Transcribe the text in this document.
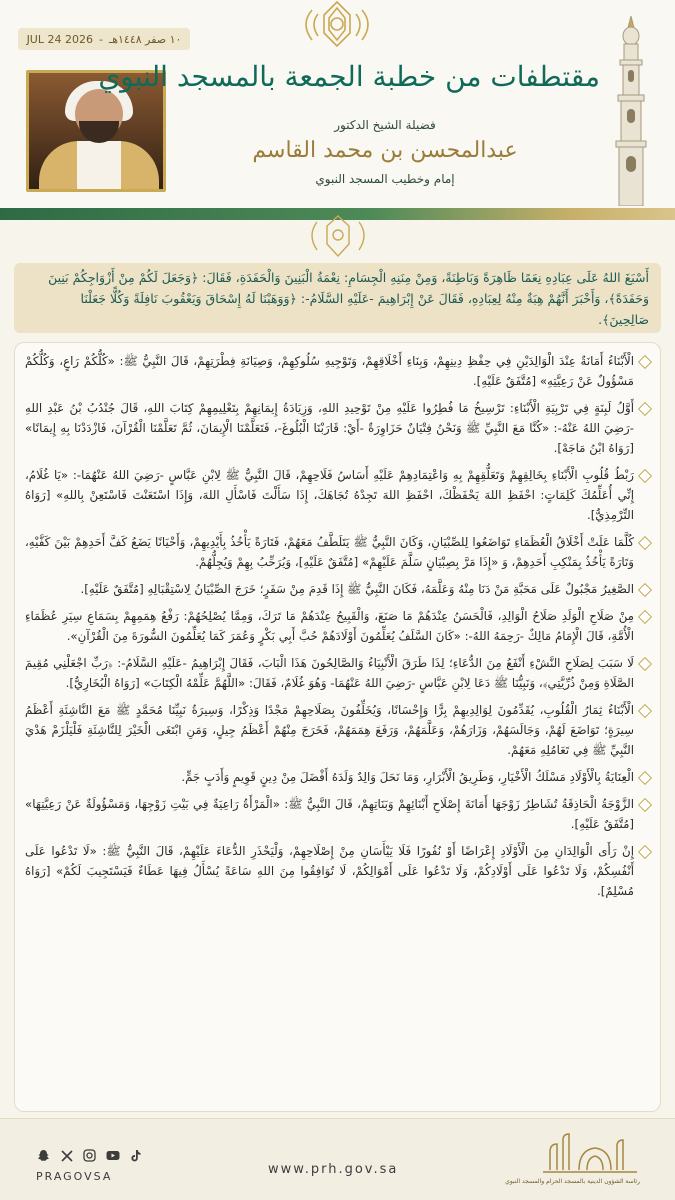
١٠ صفر ١٤٤٨هـ
-
2026 JUL 24
مقتطفات من خطبة الجمعة بالمسجد النبوي
فضيلة الشيخ الدكتور
عبدالمحسن بن محمد القاسم
إمام وخطيب المسجد النبوي
أَسْبَغَ اللهُ عَلَى عِبَادِهِ نِعَمًا ظَاهِرَةً وَبَاطِنَةً، وَمِنْ مِنَنِهِ الْجِسَامِ: نِعْمَةُ الْبَنِينَ وَالْحَفَدَةِ، فَقَالَ: ﴿وَجَعَلَ لَكُمْ مِنْ أَزْوَاجِكُمْ بَنِينَ وَحَفَدَةً﴾، وَأَخْبَرَ أَنَّهُمْ هِبَةٌ مِنْهُ لِعِبَادِهِ، فَقَالَ عَنْ إِبْرَاهِيمَ -عَلَيْهِ السَّلَامُ-: ﴿وَوَهَبْنَا لَهُ إِسْحَاقَ وَيَعْقُوبَ نَافِلَةً وَكُلًّا جَعَلْنَا صَالِحِينَ﴾.
الْأَبْنَاءُ أَمَانَةٌ عِنْدَ الْوَالِدَيْنِ فِي حِفْظِ دِينِهِمْ، وَبِنَاءِ أَخْلَاقِهِمْ، وَتَوْجِيهِ سُلُوكِهِمْ، وَصِيَانَةِ فِطْرَتِهِمْ، قَالَ النَّبِيُّ ﷺ: «كُلُّكُمْ رَاعٍ، وَكُلُّكُمْ مَسْؤُولٌ عَنْ رَعِيَّتِهِ» [مُتَّفَقٌ عَلَيْهِ].
أَوَّلُ لَبِنَةٍ فِي تَرْبِيَةِ الْأَبْنَاءِ: تَرْسِيخُ مَا فُطِرُوا عَلَيْهِ مِنْ تَوْحِيدِ اللهِ، وَزِيَادَةُ إِيمَانِهِمْ بِتَعْلِيمِهِمْ كِتَابَ اللهِ، قَالَ جُنْدُبُ بْنُ عَبْدِ اللهِ -رَضِيَ اللهُ عَنْهُ-: «كُنَّا مَعَ النَّبِيِّ ﷺ وَنَحْنُ فِتْيَانٌ حَزَاوِرَةٌ -أَيْ: قَارَبْنَا الْبُلُوغَ-، فَتَعَلَّمْنَا الْإِيمَانَ، ثُمَّ تَعَلَّمْنَا الْقُرْآنَ، فَازْدَدْنَا بِهِ إِيمَانًا» [رَوَاهُ ابْنُ مَاجَهْ].
رَبْطُ قُلُوبِ الْأَبْنَاءِ بِخَالِقِهِمْ وَتَعَلُّقِهِمْ بِهِ وَاعْتِمَادِهِمْ عَلَيْهِ أَسَاسُ فَلَاحِهِمْ، قَالَ النَّبِيُّ ﷺ لِابْنِ عَبَّاسٍ -رَضِيَ اللهُ عَنْهُمَا-: «يَا غُلَامُ، إِنِّي أُعَلِّمُكَ كَلِمَاتٍ: احْفَظِ اللهَ يَحْفَظْكَ، احْفَظِ اللهَ تَجِدْهُ تُجَاهَكَ، إِذَا سَأَلْتَ فَاسْأَلِ اللهَ، وَإِذَا اسْتَعَنْتَ فَاسْتَعِنْ بِاللهِ» [رَوَاهُ التِّرْمِذِيُّ].
كُلَّمَا عَلَتْ أَخْلَاقُ الْعُظَمَاءِ تَوَاضَعُوا لِلصِّبْيَانِ، وَكَانَ النَّبِيُّ ﷺ يَتَلَطَّفُ مَعَهُمْ، فَتَارَةً يَأْخُذُ بِأَيْدِيهِمْ، وَأَحْيَانًا يَضَعُ كَفَّ أَحَدِهِمْ بَيْنَ كَفَّيْهِ، وَتَارَةً يَأْخُذُ بِمَنْكِبِ أَحَدِهِمْ، وَ «إِذَا مَرَّ بِصِبْيَانٍ سَلَّمَ عَلَيْهِمْ» [مُتَّفَقٌ عَلَيْهِ]، وَيُرَحِّبُ بِهِمْ وَيُجِلُّهُمْ.
الصَّغِيرُ مَجْبُولٌ عَلَى مَحَبَّةِ مَنْ دَنَا مِنْهُ وَعَلَّمَهُ، فَكَانَ النَّبِيُّ ﷺ إِذَا قَدِمَ مِنْ سَفَرٍ؛ خَرَجَ الصِّبْيَانُ لِاسْتِقْبَالِهِ [مُتَّفَقٌ عَلَيْهِ].
مِنْ صَلَاحِ الْوَلَدِ صَلَاحُ الْوَالِدِ، فَالْحَسَنُ عِنْدَهُمْ مَا صَنَعَ، وَالْقَبِيحُ عِنْدَهُمْ مَا تَرَكَ، وَمِمَّا يُصْلِحُهُمْ: رَفْعُ هِمَمِهِمْ بِسَمَاعِ سِيَرِ عُظَمَاءِ الْأُمَّةِ، قَالَ الْإِمَامُ مَالِكٌ -رَحِمَهُ اللهُ-: «كَانَ السَّلَفُ يُعَلِّمُونَ أَوْلَادَهُمْ حُبَّ أَبِي بَكْرٍ وَعُمَرَ كَمَا يُعَلِّمُونَ السُّورَةَ مِنَ الْقُرْآنِ».
لَا سَبَبَ لِصَلَاحِ النَّشْءِ أَنْفَعُ مِنَ الدُّعَاءِ؛ لِذَا طَرَقَ الْأَنْبِيَاءُ وَالصَّالِحُونَ هَذَا الْبَابَ، فَقَالَ إِبْرَاهِيمُ -عَلَيْهِ السَّلَامُ-: ﴿رَبِّ اجْعَلْنِي مُقِيمَ الصَّلَاةِ وَمِنْ ذُرِّيَّتِي﴾، وَنَبِيُّنَا ﷺ دَعَا لِابْنِ عَبَّاسٍ -رَضِيَ اللهُ عَنْهُمَا- وَهُوَ غُلَامٌ، فَقَالَ: «اللَّهُمَّ عَلِّمْهُ الْكِتَابَ» [رَوَاهُ الْبُخَارِيُّ].
الْأَبْنَاءُ ثِمَارُ الْقُلُوبِ، يُقَدِّمُونَ لِوَالِدِيهِمْ بِرًّا وَإِحْسَانًا، وَيُخَلِّفُونَ بِصَلَاحِهِمْ مَجْدًا وَذِكْرًا، وَسِيرَةُ نَبِيِّنَا مُحَمَّدٍ ﷺ مَعَ النَّاشِئَةِ أَعْظَمُ سِيرَةٍ؛ تَوَاضَعَ لَهُمْ، وَجَالَسَهُمْ، وَزَارَهُمْ، وَعَلَّمَهُمْ، وَرَفَعَ هِمَمَهُمْ، فَخَرَجَ مِنْهُمْ أَعْظَمُ جِيلٍ، وَمَنِ ابْتَغَى الْخَيْرَ لِلنَّاشِئَةِ فَلْيَلْزَمْ هَدْيَ النَّبِيِّ ﷺ فِي تَعَامُلِهِ مَعَهُمْ.
الْعِنَايَةُ بِالْأَوْلَادِ مَسْلَكُ الْأَخْيَارِ، وَطَرِيقُ الْأَبْرَارِ، وَمَا نَحَلَ وَالِدٌ وَلَدَهُ أَفْضَلَ مِنْ دِينٍ قَوِيمٍ وَأَدَبٍ جَمٍّ.
الزَّوْجَةُ الْحَاذِقَةُ تُشَاطِرُ زَوْجَهَا أَمَانَةَ إِصْلَاحِ أَبْنَائِهِمْ وَبَنَاتِهِمْ، قَالَ النَّبِيُّ ﷺ: «الْمَرْأَةُ رَاعِيَةٌ فِي بَيْتِ زَوْجِهَا، وَمَسْؤُولَةٌ عَنْ رَعِيَّتِهَا» [مُتَّفَقٌ عَلَيْهِ].
إِنْ رَأَى الْوَالِدَانِ مِنَ الْأَوْلَادِ إِعْرَاضًا أَوْ نُفُورًا فَلَا يَيْأَسَانِ مِنْ إِصْلَاحِهِمْ، وَلْيَحْذَرِ الدُّعَاءَ عَلَيْهِمْ، قَالَ النَّبِيُّ ﷺ: «لَا تَدْعُوا عَلَى أَنْفُسِكُمْ، وَلَا تَدْعُوا عَلَى أَوْلَادِكُمْ، وَلَا تَدْعُوا عَلَى أَمْوَالِكُمْ، لَا تُوَافِقُوا مِنَ اللهِ سَاعَةً يُسْأَلُ فِيهَا عَطَاءٌ فَيَسْتَجِيبَ لَكُمْ» [رَوَاهُ مُسْلِمٌ].
PRAGOVSA	www.prh.gov.sa
رئاسة الشؤون الدينية بالمسجد الحرام والمسجد النبوي
